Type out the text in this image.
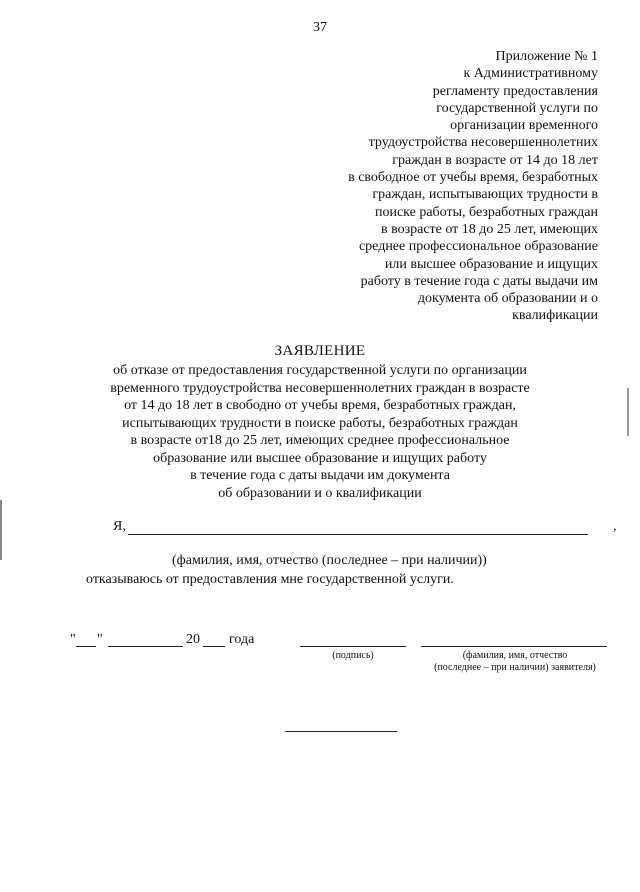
37
Приложение № 1
к Административному
регламенту предоставления
государственной услуги по
организации временного
трудоустройства несовершеннолетних
граждан в возрасте от 14 до 18 лет
в свободное от учебы время, безработных
граждан, испытывающих трудности в
поиске работы, безработных граждан
в возрасте от 18 до 25 лет, имеющих
среднее профессиональное образование
или высшее образование и ищущих
работу в течение года с даты выдачи им
документа об образовании и о
квалификации
ЗАЯВЛЕНИЕ
об отказе от предоставления государственной услуги по организации
временного трудоустройства несовершеннолетних граждан в возрасте
от 14 до 18 лет в свободно от учебы время, безработных граждан,
испытывающих трудности в поиске работы, безработных граждан
в возрасте от18 до 25 лет, имеющих среднее профессиональное
образование или высшее образование и ищущих работу
в течение года с даты выдачи им документа
об образовании и о квалификации
Я,	,
(фамилия, имя, отчество (последнее – при наличии))
отказываюсь от предоставления мне государственной услуги.
" "	20 года
(подпись)	(фамилия, имя, отчество
(последнее – при наличии) заявителя)
